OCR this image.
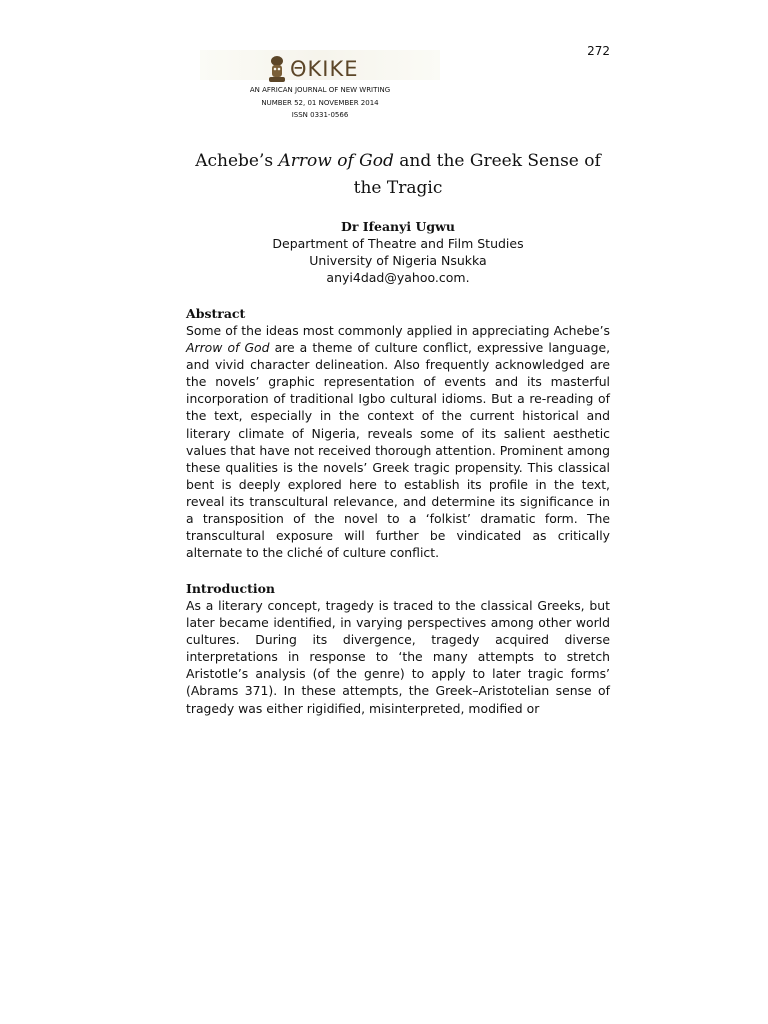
272
ΘKIKE
AN AFRICAN JOURNAL OF NEW WRITING
NUMBER 52, 01 NOVEMBER 2014
ISSN 0331-0566
Achebe’s Arrow of God and the Greek Sense of the Tragic
Dr Ifeanyi Ugwu
Department of Theatre and Film Studies
University of Nigeria Nsukka
anyi4dad@yahoo.com.
Abstract
Some of the ideas most commonly applied in appreciating Achebe’s Arrow of God are a theme of culture conflict, expressive language, and vivid character delineation. Also frequently acknowledged are the novels’ graphic representation of events and its masterful incorporation of traditional Igbo cultural idioms. But a re-reading of the text, especially in the context of the current historical and literary climate of Nigeria, reveals some of its salient aesthetic values that have not received thorough attention. Prominent among these qualities is the novels’ Greek tragic propensity. This classical bent is deeply explored here to establish its profile in the text, reveal its transcultural relevance, and determine its significance in a transposition of the novel to a ‘folkist’ dramatic form. The transcultural exposure will further be vindicated as critically alternate to the cliché of culture conflict.
Introduction
As a literary concept, tragedy is traced to the classical Greeks, but later became identified, in varying perspectives among other world cultures. During its divergence, tragedy acquired diverse interpretations in response to ‘the many attempts to stretch Aristotle’s analysis (of the genre) to apply to later tragic forms’ (Abrams 371). In these attempts, the Greek–Aristotelian sense of tragedy was either rigidified, misinterpreted, modified or
